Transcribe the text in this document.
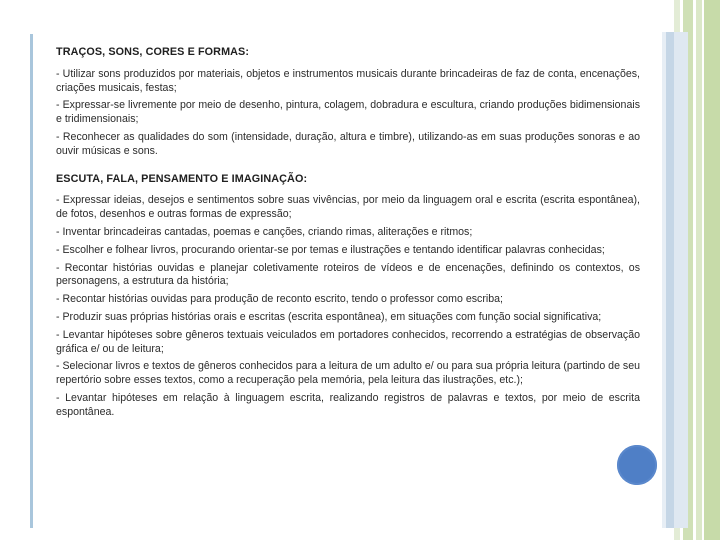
TRAÇOS, SONS, CORES E FORMAS:

- Utilizar sons produzidos por materiais, objetos e instrumentos musicais durante brincadeiras de faz de conta, encenações, criações musicais, festas;

- Expressar-se livremente por meio de desenho, pintura, colagem, dobradura e escultura, criando produções bidimensionais e tridimensionais;

- Reconhecer as qualidades do som (intensidade, duração, altura e timbre), utilizando-as em suas produções sonoras e ao ouvir músicas e sons.

ESCUTA, FALA, PENSAMENTO E IMAGINAÇÃO:

- Expressar ideias, desejos e sentimentos sobre suas vivências, por meio da linguagem oral e escrita (escrita espontânea), de fotos, desenhos e outras formas de expressão;

- Inventar brincadeiras cantadas, poemas e canções, criando rimas, aliterações e ritmos;

- Escolher e folhear livros, procurando orientar-se por temas e ilustrações e tentando identificar palavras conhecidas;

- Recontar histórias ouvidas e planejar coletivamente roteiros de vídeos e de encenações, definindo os contextos, os personagens, a estrutura da história;

- Recontar histórias ouvidas para produção de reconto escrito, tendo o professor como escriba;

- Produzir suas próprias histórias orais e escritas (escrita espontânea), em situações com função social significativa;

- Levantar hipóteses sobre gêneros textuais veiculados em portadores conhecidos, recorrendo a estratégias de observação gráfica e/ ou de leitura;

- Selecionar livros e textos de gêneros conhecidos para a leitura de um adulto e/ ou para sua própria leitura (partindo de seu repertório sobre esses textos, como a recuperação pela memória, pela leitura das ilustrações, etc.);

- Levantar hipóteses em relação à linguagem escrita, realizando registros de palavras e textos, por meio de escrita espontânea.
